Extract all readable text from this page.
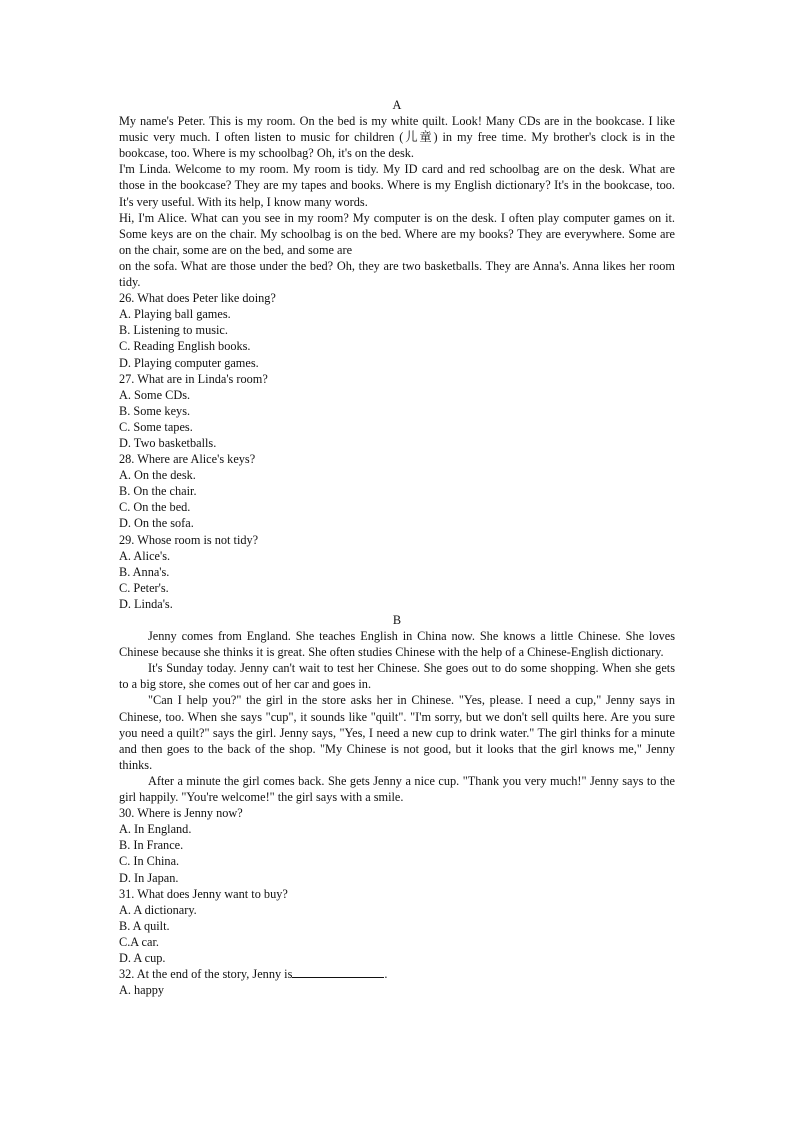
A

My name's Peter. This is my room. On the bed is my white quilt. Look! Many CDs are in the bookcase. I like music very much. I often listen to music for children (儿童) in my free time. My brother's clock is in the bookcase, too. Where is my schoolbag? Oh, it's on the desk.

I'm Linda. Welcome to my room. My room is tidy. My ID card and red schoolbag are on the desk. What are those in the bookcase? They are my tapes and books. Where is my English dictionary? It's in the bookcase, too. It's very useful. With its help, I know many words.

Hi, I'm Alice. What can you see in my room? My computer is on the desk. I often play computer games on it. Some keys are on the chair. My schoolbag is on the bed. Where are my books? They are everywhere. Some are on the chair, some are on the bed, and some are

on the sofa. What are those under the bed? Oh, they are two basketballs. They are Anna's. Anna likes her room tidy.

26. What does Peter like doing?

A. Playing ball games.

B. Listening to music.

C. Reading English books.

D. Playing computer games.

27. What are in Linda's room?

A. Some CDs.

B. Some keys.

C. Some tapes.

D. Two basketballs.

28. Where are Alice's keys?

A. On the desk.

B. On the chair.

C. On the bed.

D. On the sofa.

29. Whose room is not tidy?

A. Alice's.

B. Anna's.

C. Peter's.

D. Linda's.

B

Jenny comes from England. She teaches English in China now. She knows a little Chinese. She loves Chinese because she thinks it is great. She often studies Chinese with the help of a Chinese-English dictionary.

It's Sunday today. Jenny can't wait to test her Chinese. She goes out to do some shopping. When she gets to a big store, she comes out of her car and goes in.

"Can I help you?" the girl in the store asks her in Chinese. "Yes, please. I need a cup," Jenny says in Chinese, too. When she says "cup", it sounds like "quilt". "I'm sorry, but we don't sell quilts here. Are you sure you need a quilt?" says the girl. Jenny says, "Yes, I need a new cup to drink water." The girl thinks for a minute and then goes to the back of the shop. "My Chinese is not good, but it looks that the girl knows me," Jenny thinks.

After a minute the girl comes back. She gets Jenny a nice cup. "Thank you very much!" Jenny says to the girl happily. "You're welcome!" the girl says with a smile.

30. Where is Jenny now?

A. In England.

B. In France.

C. In China.

D. In Japan.

31. What does Jenny want to buy?

A. A dictionary.

B. A quilt.

C.A car.

D. A cup.

32. At the end of the story, Jenny is	.

A. happy
